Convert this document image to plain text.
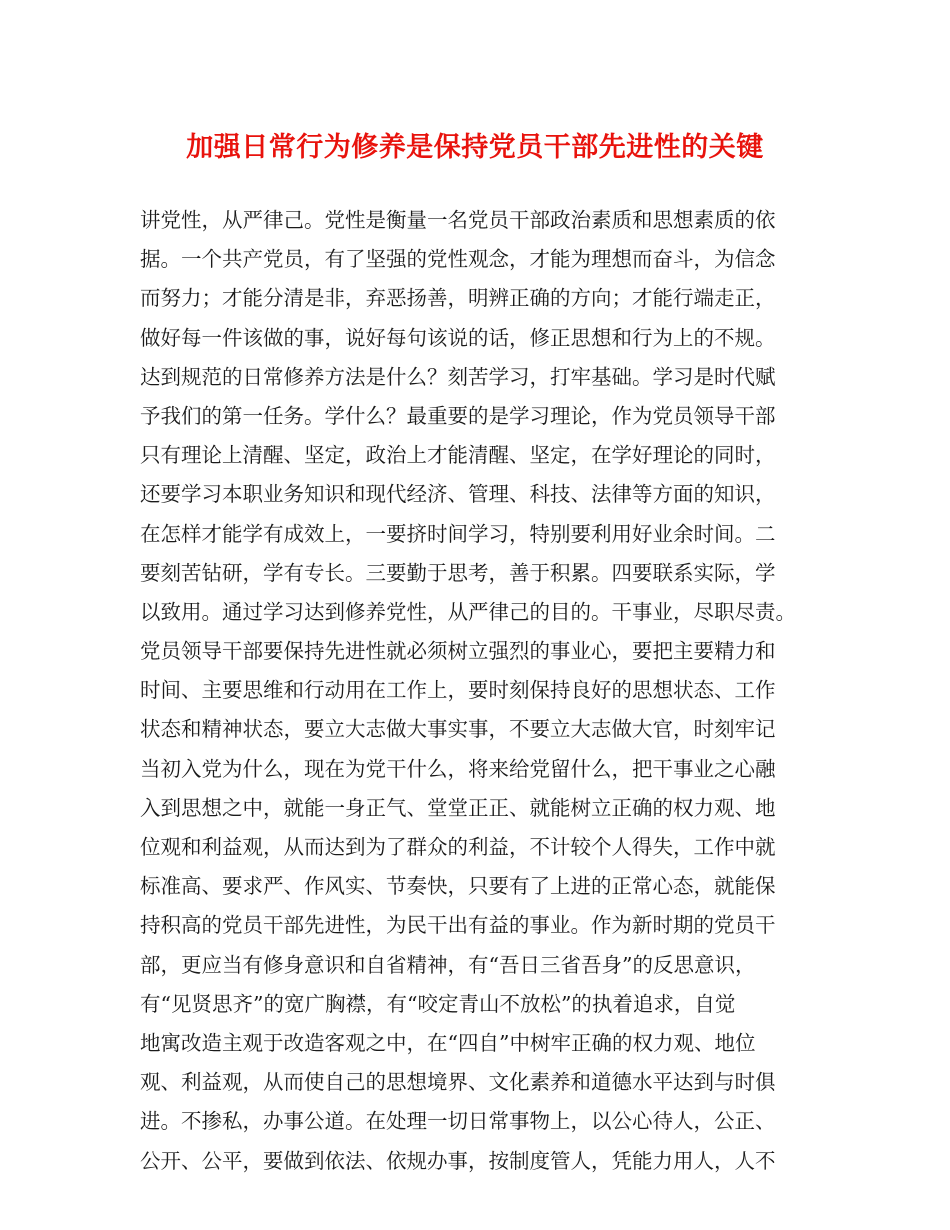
加强日常行为修养是保持党员干部先进性的关键
讲党性，从严律己。党性是衡量一名党员干部政治素质和思想素质的依
据。一个共产党员，有了坚强的党性观念，才能为理想而奋斗，为信念
而努力；才能分清是非，弃恶扬善，明辨正确的方向；才能行端走正，
做好每一件该做的事，说好每句该说的话，修正思想和行为上的不规。
达到规范的日常修养方法是什么？刻苦学习，打牢基础。学习是时代赋
予我们的第一任务。学什么？最重要的是学习理论，作为党员领导干部
只有理论上清醒、坚定，政治上才能清醒、坚定，在学好理论的同时，
还要学习本职业务知识和现代经济、管理、科技、法律等方面的知识，
在怎样才能学有成效上，一要挤时间学习，特别要利用好业余时间。二
要刻苦钻研，学有专长。三要勤于思考，善于积累。四要联系实际，学
以致用。通过学习达到修养党性，从严律己的目的。干事业，尽职尽责。
党员领导干部要保持先进性就必须树立强烈的事业心，要把主要精力和
时间、主要思维和行动用在工作上，要时刻保持良好的思想状态、工作
状态和精神状态，要立大志做大事实事，不要立大志做大官，时刻牢记
当初入党为什么，现在为党干什么，将来给党留什么，把干事业之心融
入到思想之中，就能一身正气、堂堂正正、就能树立正确的权力观、地
位观和利益观，从而达到为了群众的利益，不计较个人得失，工作中就
标准高、要求严、作风实、节奏快，只要有了上进的正常心态，就能保
持积高的党员干部先进性，为民干出有益的事业。作为新时期的党员干
部，更应当有修身意识和自省精神，有“吾日三省吾身”的反思意识，
有“见贤思齐”的宽广胸襟，有“咬定青山不放松”的执着追求，自觉
地寓改造主观于改造客观之中，在“四自”中树牢正确的权力观、地位
观、利益观，从而使自己的思想境界、文化素养和道德水平达到与时俱
进。不掺私，办事公道。在处理一切日常事物上，以公心待人，公正、
公开、公平，要做到依法、依规办事，按制度管人，凭能力用人，人不
